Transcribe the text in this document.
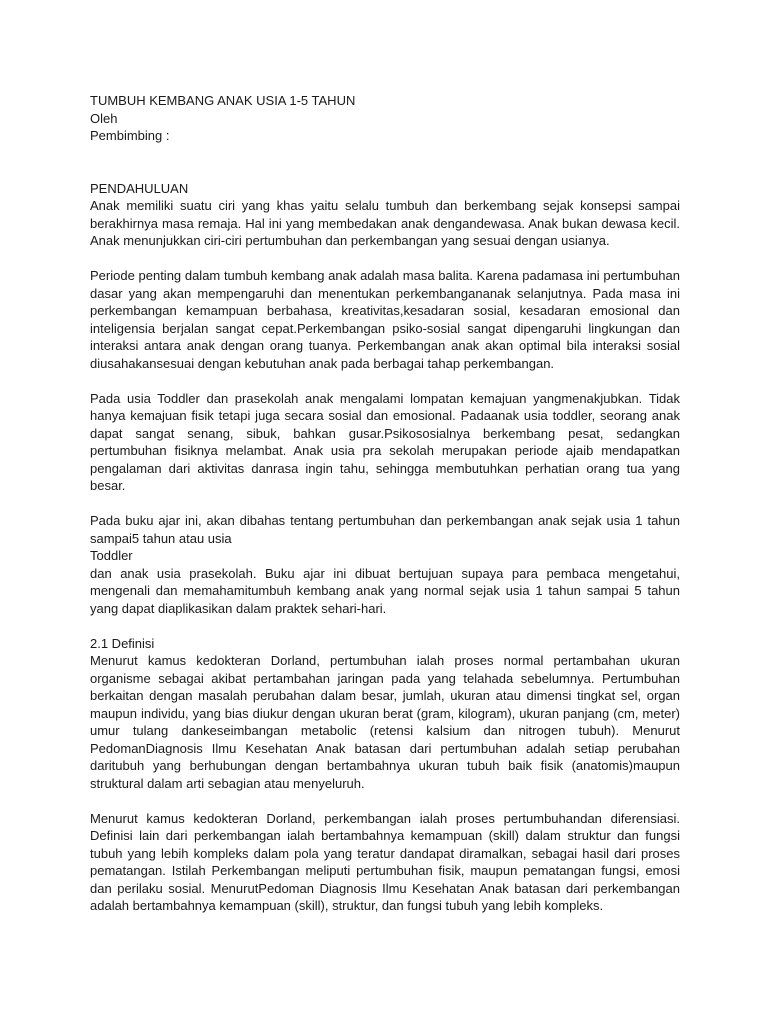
TUMBUH KEMBANG ANAK USIA 1-5 TAHUN

Oleh

Pembimbing :

PENDAHULUAN

Anak memiliki suatu ciri yang khas yaitu selalu tumbuh dan berkembang sejak konsepsi sampai berakhirnya masa remaja. Hal ini yang membedakan anak dengandewasa. Anak bukan dewasa kecil. Anak menunjukkan ciri-ciri pertumbuhan dan perkembangan yang sesuai dengan usianya.

Periode penting dalam tumbuh kembang anak adalah masa balita. Karena padamasa ini pertumbuhan dasar yang akan mempengaruhi dan menentukan perkembangananak selanjutnya. Pada masa ini perkembangan kemampuan berbahasa, kreativitas,kesadaran sosial, kesadaran emosional dan inteligensia berjalan sangat cepat.Perkembangan psiko-sosial sangat dipengaruhi lingkungan dan interaksi antara anak dengan orang tuanya. Perkembangan anak akan optimal bila interaksi sosial diusahakansesuai dengan kebutuhan anak pada berbagai tahap perkembangan.

Pada usia Toddler dan prasekolah anak mengalami lompatan kemajuan yangmenakjubkan. Tidak hanya kemajuan fisik tetapi juga secara sosial dan emosional. Padaanak usia toddler, seorang anak dapat sangat senang, sibuk, bahkan gusar.Psikososialnya berkembang pesat, sedangkan pertumbuhan fisiknya melambat. Anak usia pra sekolah merupakan periode ajaib mendapatkan pengalaman dari aktivitas danrasa ingin tahu, sehingga membutuhkan perhatian orang tua yang besar.

Pada buku ajar ini, akan dibahas tentang pertumbuhan dan perkembangan anak sejak usia 1 tahun sampai5 tahun atau usia

Toddler

dan anak usia prasekolah. Buku ajar ini dibuat bertujuan supaya para pembaca mengetahui, mengenali dan memahamitumbuh kembang anak yang normal sejak usia 1 tahun sampai 5 tahun yang dapat diaplikasikan dalam praktek sehari-hari.

2.1 Definisi

Menurut kamus kedokteran Dorland, pertumbuhan ialah proses normal pertambahan ukuran organisme sebagai akibat pertambahan jaringan pada yang telahada sebelumnya. Pertumbuhan berkaitan dengan masalah perubahan dalam besar, jumlah, ukuran atau dimensi tingkat sel, organ maupun individu, yang bias diukur dengan ukuran berat (gram, kilogram), ukuran panjang (cm, meter) umur tulang dankeseimbangan metabolic (retensi kalsium dan nitrogen tubuh). Menurut PedomanDiagnosis Ilmu Kesehatan Anak batasan dari pertumbuhan adalah setiap perubahan daritubuh yang berhubungan dengan bertambahnya ukuran tubuh baik fisik (anatomis)maupun struktural dalam arti sebagian atau menyeluruh.

Menurut kamus kedokteran Dorland, perkembangan ialah proses pertumbuhandan diferensiasi. Definisi lain dari perkembangan ialah bertambahnya kemampuan (skill) dalam struktur dan fungsi tubuh yang lebih kompleks dalam pola yang teratur dandapat diramalkan, sebagai hasil dari proses pematangan. Istilah Perkembangan meliputi pertumbuhan fisik, maupun pematangan fungsi, emosi dan perilaku sosial. MenurutPedoman Diagnosis Ilmu Kesehatan Anak batasan dari perkembangan adalah bertambahnya kemampuan (skill), struktur, dan fungsi tubuh yang lebih kompleks.
